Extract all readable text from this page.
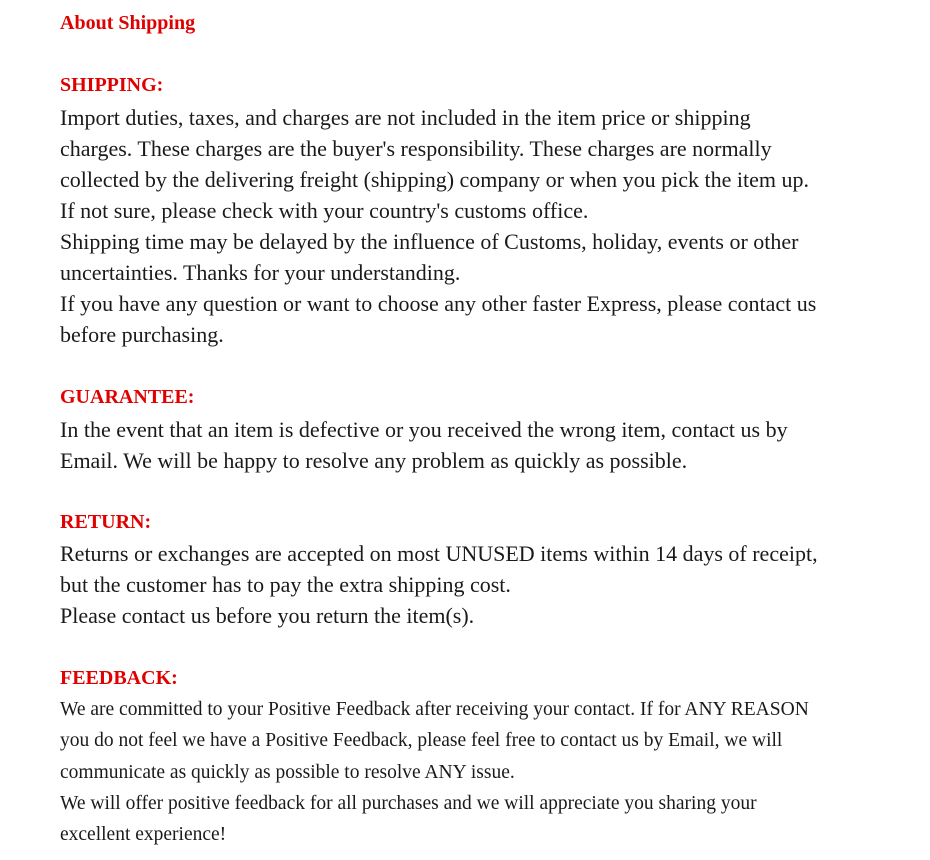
About Shipping
SHIPPING:
Import duties, taxes, and charges are not included in the item price or shipping
charges. These charges are the buyer's responsibility. These charges are normally
collected by the delivering freight (shipping) company or when you pick the item up.
If not sure, please check with your country's customs office.
Shipping time may be delayed by the influence of Customs, holiday, events or other
uncertainties. Thanks for your understanding.
If you have any question or want to choose any other faster Express, please contact us
before purchasing.
GUARANTEE:
In the event that an item is defective or you received the wrong item, contact us by
Email. We will be happy to resolve any problem as quickly as possible.
RETURN:
Returns or exchanges are accepted on most UNUSED items within 14 days of receipt,
but the customer has to pay the extra shipping cost.
Please contact us before you return the item(s).
FEEDBACK:
We are committed to your Positive Feedback after receiving your contact. If for ANY REASON
you do not feel we have a Positive Feedback, please feel free to contact us by Email, we will
communicate as quickly as possible to resolve ANY issue.
We will offer positive feedback for all purchases and we will appreciate you sharing your
excellent experience!
